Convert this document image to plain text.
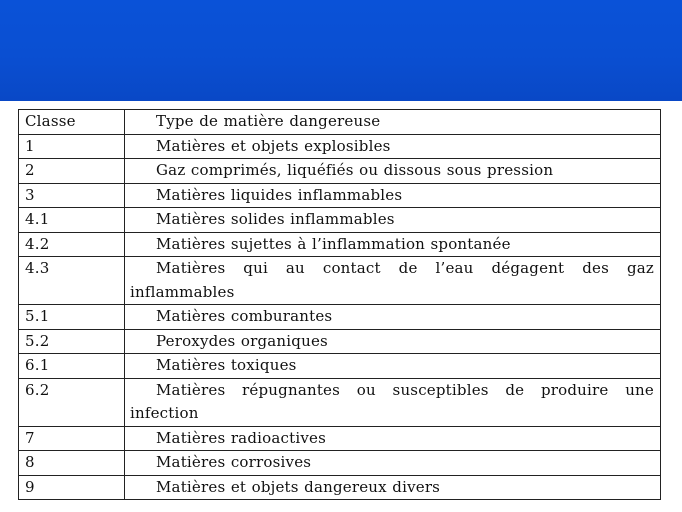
Classe	Type de matière dangereuse

1	Matières et objets explosibles

2	Gaz comprimés, liquéfiés ou dissous sous pression

3	Matières liquides inflammables

4.1	Matières solides inflammables

4.2	Matières sujettes à l’inflammation spontanée

4.3	Matières qui au contact de l’eau dégagent des gaz inflammables

5.1	Matières comburantes

5.2	Peroxydes organiques

6.1	Matières toxiques

6.2	Matières répugnantes ou susceptibles de produire une infection

7	Matières radioactives

8	Matières corrosives

9	Matières et objets dangereux divers
